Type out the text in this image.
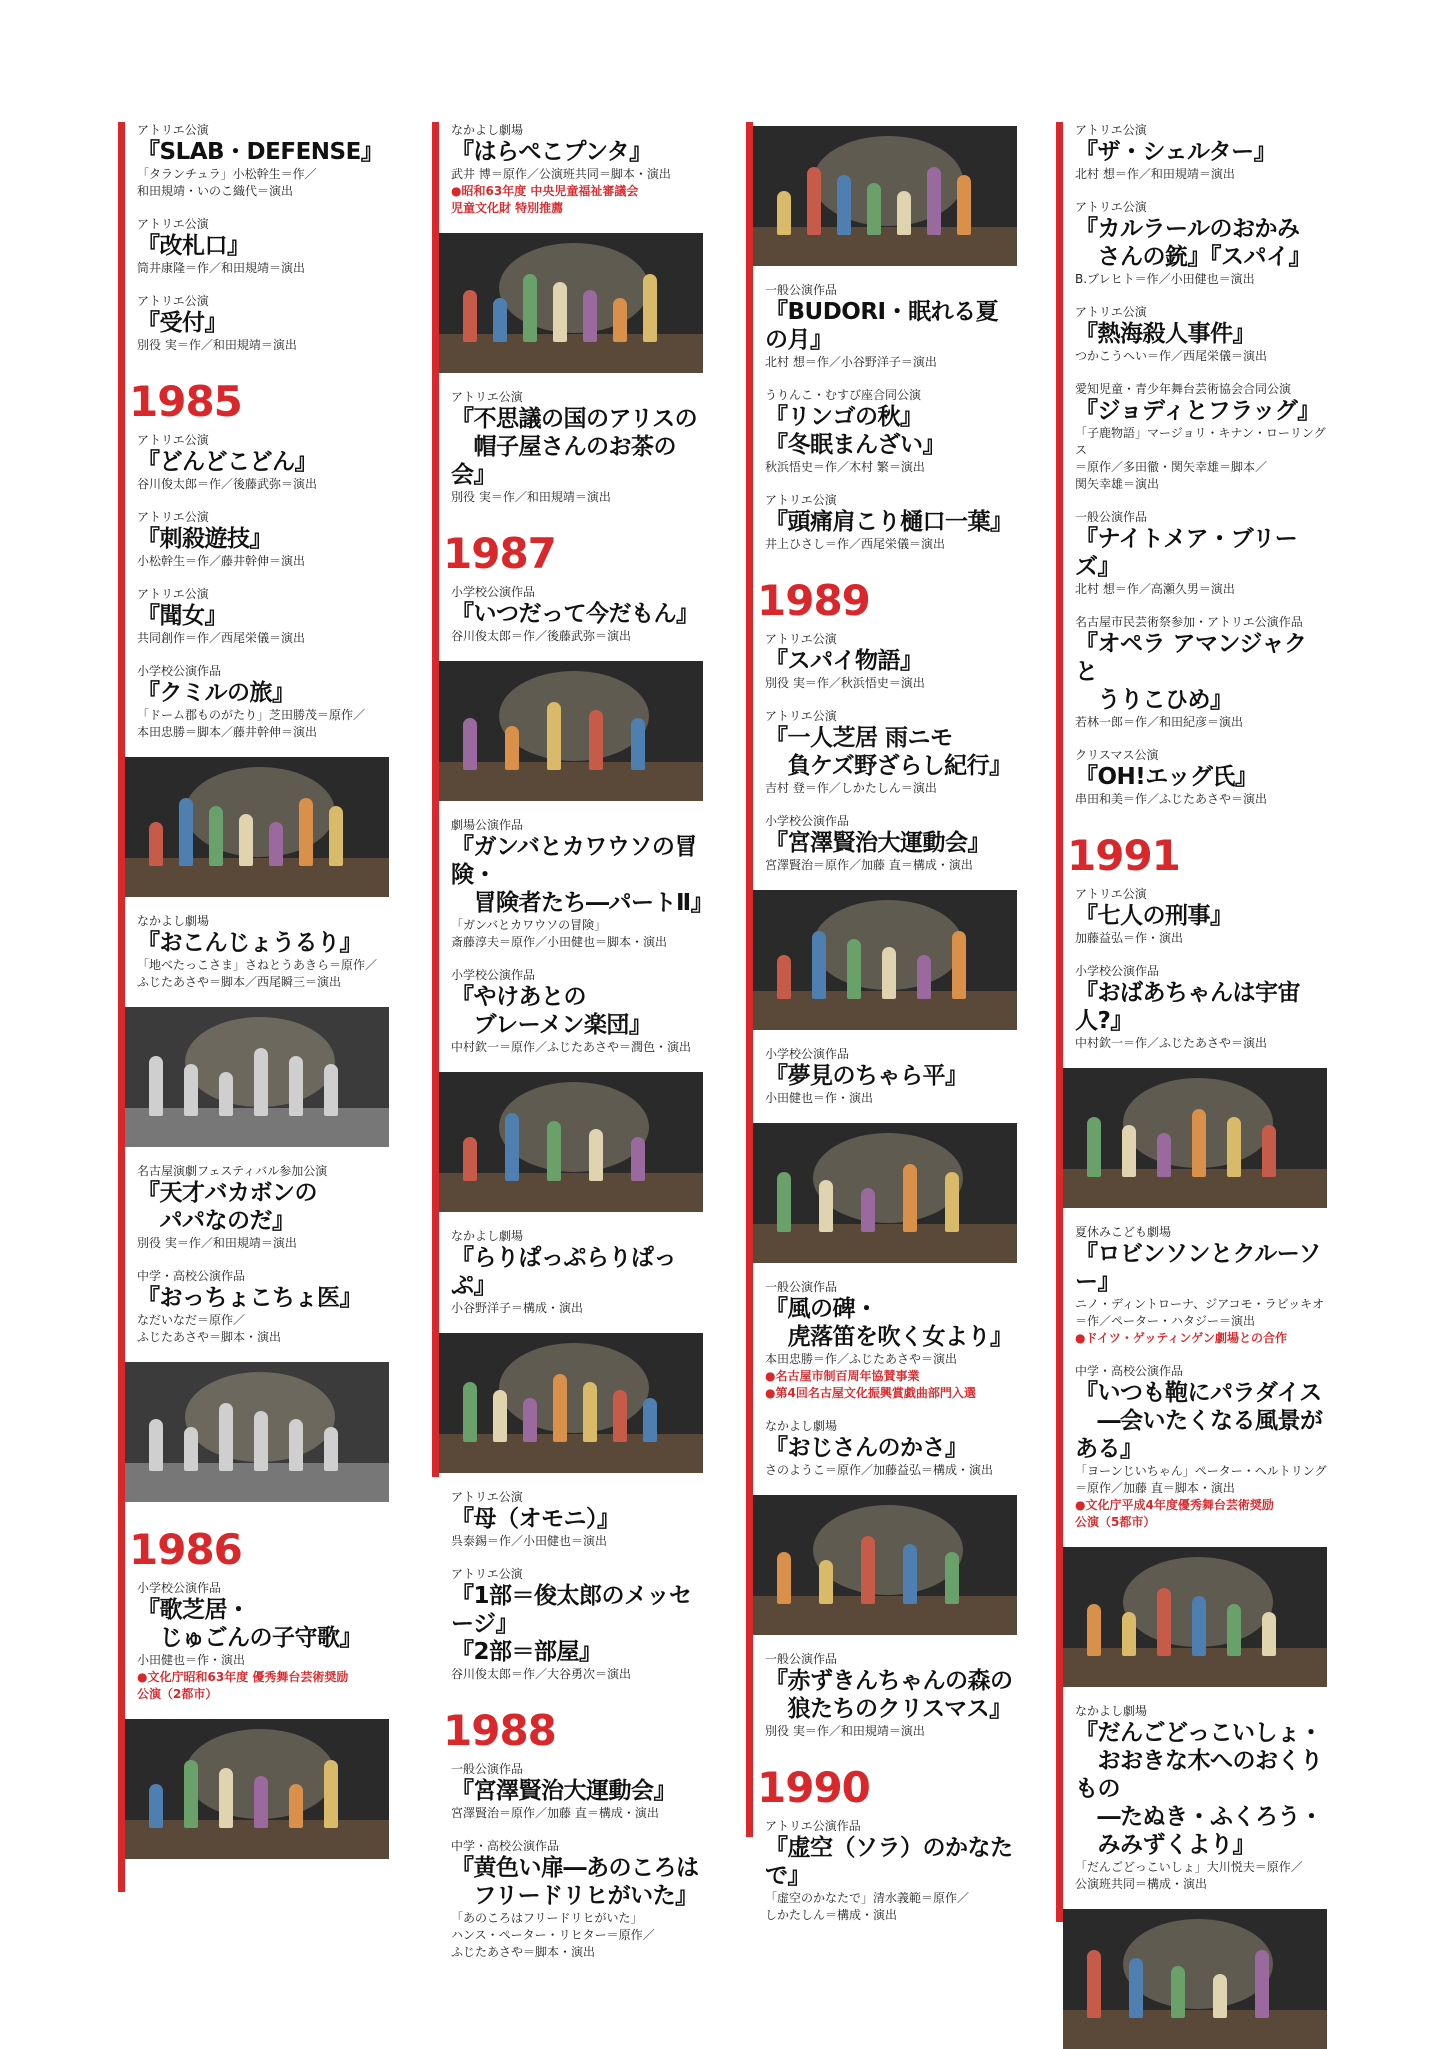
アトリエ公演
『SLAB・DEFENSE』
「タランチュラ」小松幹生＝作／
和田規靖・いのこ織代＝演出
アトリエ公演
『改札口』
筒井康隆＝作／和田規靖＝演出
アトリエ公演
『受付』
別役 実＝作／和田規靖＝演出
1985
アトリエ公演
『どんどこどん』
谷川俊太郎＝作／後藤武弥＝演出
アトリエ公演
『刺殺遊技』
小松幹生＝作／藤井幹伸＝演出
アトリエ公演
『聞女』
共同創作＝作／西尾栄儀＝演出
小学校公演作品
『クミルの旅』
「ドーム郡ものがたり」芝田勝茂＝原作／
本田忠勝＝脚本／藤井幹伸＝演出
なかよし劇場
『おこんじょうるり』
「地べたっこさま」さねとうあきら＝原作／
ふじたあさや＝脚本／西尾瞬三＝演出
名古屋演劇フェスティバル参加公演
『天才バカボンの
　パパなのだ』
別役 実＝作／和田規靖＝演出
中学・高校公演作品
『おっちょこちょ医』
なだいなだ＝原作／
ふじたあさや＝脚本・演出
1986
小学校公演作品
『歌芝居・
　じゅごんの子守歌』
小田健也＝作・演出
●文化庁昭和63年度 優秀舞台芸術奨励
公演（2都市）
なかよし劇場
『はらぺこプンタ』
武井 博＝原作／公演班共同＝脚本・演出
●昭和63年度 中央児童福祉審議会
児童文化財 特別推薦
アトリエ公演
『不思議の国のアリスの
　帽子屋さんのお茶の会』
別役 実＝作／和田規靖＝演出
1987
小学校公演作品
『いつだって今だもん』
谷川俊太郎＝作／後藤武弥＝演出
劇場公演作品
『ガンバとカワウソの冒険・
　冒険者たち―パートⅡ』
「ガンバとカワウソの冒険」
斎藤淳夫＝原作／小田健也＝脚本・演出
小学校公演作品
『やけあとの
　ブレーメン楽団』
中村欽一＝原作／ふじたあさや＝潤色・演出
なかよし劇場
『らりぱっぷらりぱっぷ』
小谷野洋子＝構成・演出
アトリエ公演
『母（オモニ）』
呉泰錫＝作／小田健也＝演出
アトリエ公演
『1部＝俊太郎のメッセージ』
『2部＝部屋』
谷川俊太郎＝作／大谷勇次＝演出
1988
一般公演作品
『宮澤賢治大運動会』
宮澤賢治＝原作／加藤 直＝構成・演出
中学・高校公演作品
『黄色い扉―あのころは
　フリードリヒがいた』
「あのころはフリードリヒがいた」
ハンス・ペーター・リヒター＝原作／
ふじたあさや＝脚本・演出
一般公演作品
『BUDORI・眠れる夏の月』
北村 想＝作／小谷野洋子＝演出
うりんこ・むすび座合同公演
『リンゴの秋』
『冬眠まんざい』
秋浜悟史＝作／木村 繁＝演出
アトリエ公演
『頭痛肩こり樋口一葉』
井上ひさし＝作／西尾栄儀＝演出
1989
アトリエ公演
『スパイ物語』
別役 実＝作／秋浜悟史＝演出
アトリエ公演
『一人芝居 雨ニモ
　負ケズ野ざらし紀行』
吉村 登＝作／しかたしん＝演出
小学校公演作品
『宮澤賢治大運動会』
宮澤賢治＝原作／加藤 直＝構成・演出
小学校公演作品
『夢見のちゃら平』
小田健也＝作・演出
一般公演作品
『風の碑・
　虎落笛を吹く女より』
本田忠勝＝作／ふじたあさや＝演出
●名古屋市制百周年協賛事業
●第4回名古屋文化振興賞戯曲部門入選
なかよし劇場
『おじさんのかさ』
さのようこ＝原作／加藤益弘＝構成・演出
一般公演作品
『赤ずきんちゃんの森の
　狼たちのクリスマス』
別役 実＝作／和田規靖＝演出
1990
アトリエ公演作品
『虚空（ソラ）のかなたで』
「虚空のかなたで」清水義範＝原作／
しかたしん＝構成・演出
アトリエ公演
『ザ・シェルター』
北村 想＝作／和田規靖＝演出
アトリエ公演
『カルラールのおかみ
　さんの銃』『スパイ』
B.ブレヒト＝作／小田健也＝演出
アトリエ公演
『熱海殺人事件』
つかこうへい＝作／西尾栄儀＝演出
愛知児童・青少年舞台芸術協会合同公演
『ジョディとフラッグ』
「子鹿物語」マージョリ・キナン・ローリングス
＝原作／多田徹・関矢幸雄＝脚本／
関矢幸雄＝演出
一般公演作品
『ナイトメア・ブリーズ』
北村 想＝作／高瀬久男＝演出
名古屋市民芸術祭参加・アトリエ公演作品
『オペラ アマンジャクと
　うりこひめ』
若林一郎＝作／和田紀彦＝演出
クリスマス公演
『OH!エッグ氏』
串田和美＝作／ふじたあさや＝演出
1991
アトリエ公演
『七人の刑事』
加藤益弘＝作・演出
小学校公演作品
『おばあちゃんは宇宙人?』
中村欽一＝作／ふじたあさや＝演出
夏休みこども劇場
『ロビンソンとクルーソー』
ニノ・ディントローナ、ジアコモ・ラビッキオ
＝作／ペーター・ハタジー＝演出
●ドイツ・ゲッティンゲン劇場との合作
中学・高校公演作品
『いつも鞄にパラダイス
　―会いたくなる風景がある』
「ヨーンじいちゃん」ペーター・ヘルトリング
＝原作／加藤 直＝脚本・演出
●文化庁平成4年度優秀舞台芸術奨励
公演（5都市）
なかよし劇場
『だんごどっこいしょ・
　おおきな木へのおくりもの
　―たぬき・ふくろう・
　みみずくより』
「だんごどっこいしょ」大川悦夫＝原作／
公演班共同＝構成・演出
